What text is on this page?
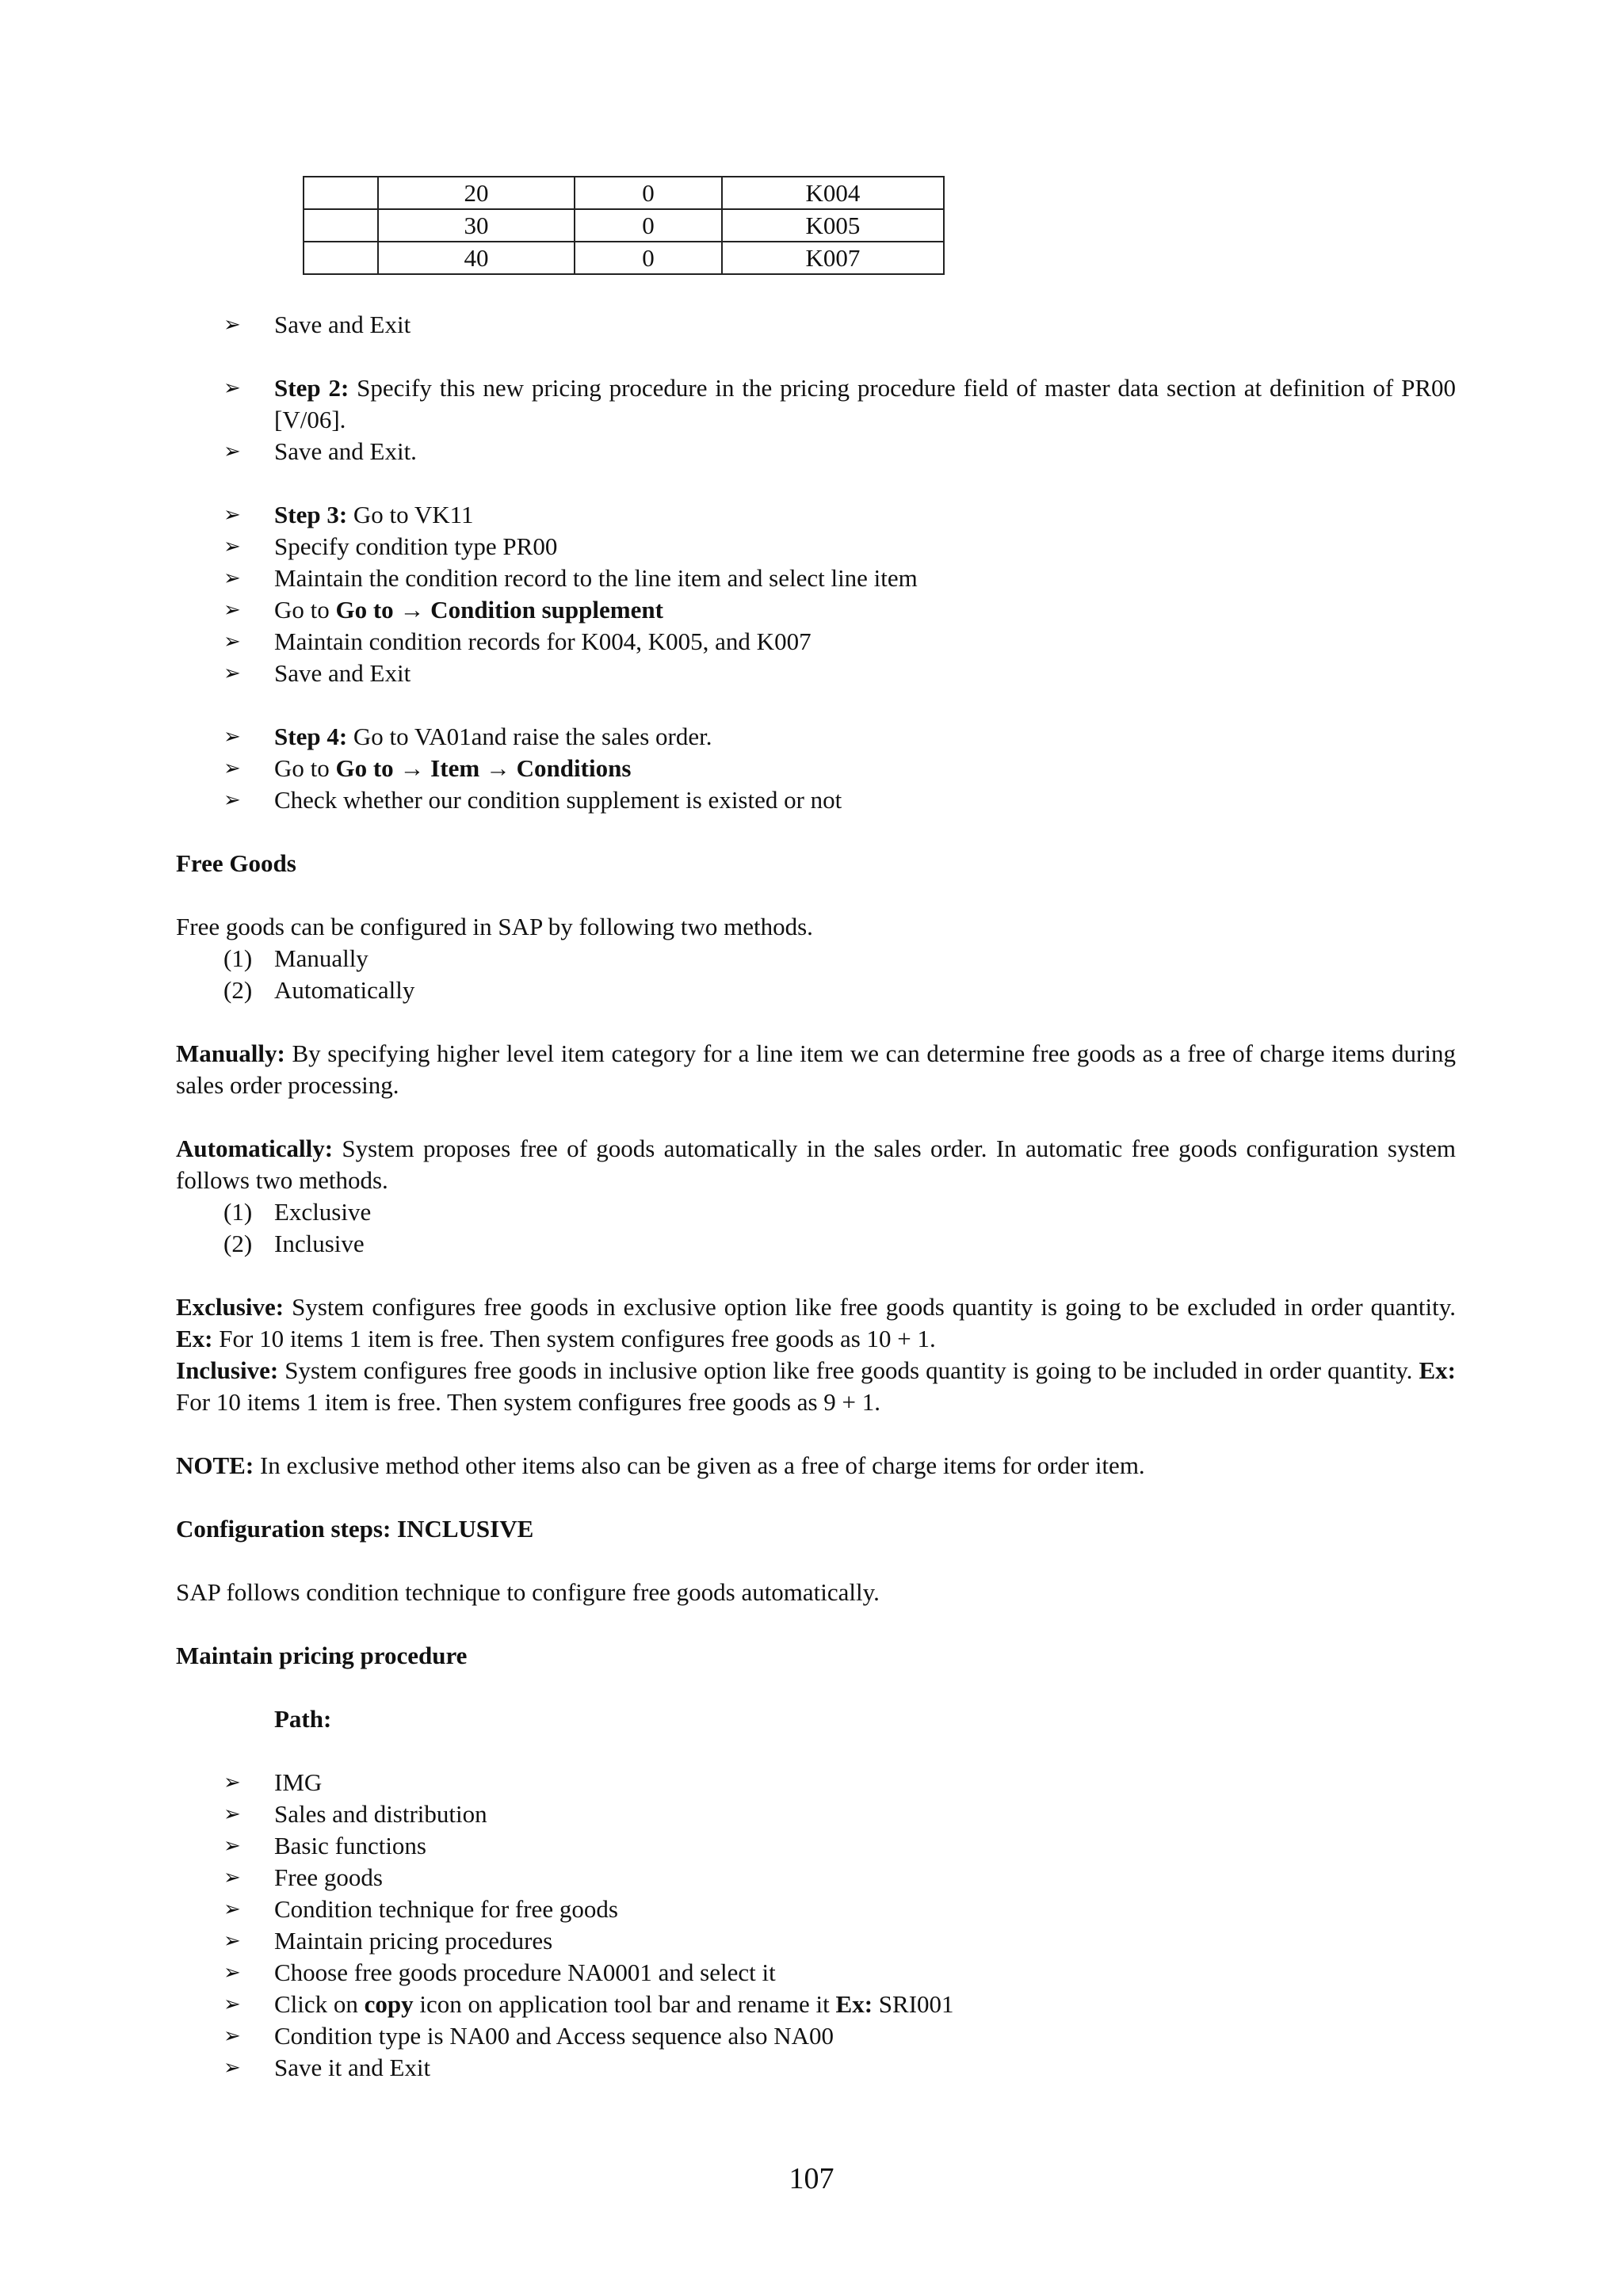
	20	0	K004
	30	0	K005
	40	0	K007
➢ Save and Exit
➢ Step 2: Specify this new pricing procedure in the pricing procedure field of master data section at definition of PR00 [V/06].
➢ Save and Exit.
➢ Step 3: Go to VK11
➢ Specify condition type PR00
➢ Maintain the condition record to the line item and select line item
➢ Go to Go to → Condition supplement
➢ Maintain condition records for K004, K005, and K007
➢ Save and Exit
➢ Step 4: Go to VA01and raise the sales order.
➢ Go to Go to → Item → Conditions
➢ Check whether our condition supplement is existed or not
Free Goods

Free goods can be configured in SAP by following two methods.

(1) Manually
(2) Automatically

Manually: By specifying higher level item category for a line item we can determine free goods as a free of charge items during sales order processing.

Automatically: System proposes free of goods automatically in the sales order. In automatic free goods configuration system follows two methods.

(1) Exclusive
(2) Inclusive

Exclusive: System configures free goods in exclusive option like free goods quantity is going to be excluded in order quantity. Ex: For 10 items 1 item is free. Then system configures free goods as 10 + 1.

Inclusive: System configures free goods in inclusive option like free goods quantity is going to be included in order quantity. Ex: For 10 items 1 item is free. Then system configures free goods as 9 + 1.

NOTE: In exclusive method other items also can be given as a free of charge items for order item.

Configuration steps: INCLUSIVE

SAP follows condition technique to configure free goods automatically.

Maintain pricing procedure
Path:
➢ IMG
➢ Sales and distribution
➢ Basic functions
➢ Free goods
➢ Condition technique for free goods
➢ Maintain pricing procedures
➢ Choose free goods procedure NA0001 and select it
➢ Click on copy icon on application tool bar and rename it Ex: SRI001
➢ Condition type is NA00 and Access sequence also NA00
➢ Save it and Exit
107
